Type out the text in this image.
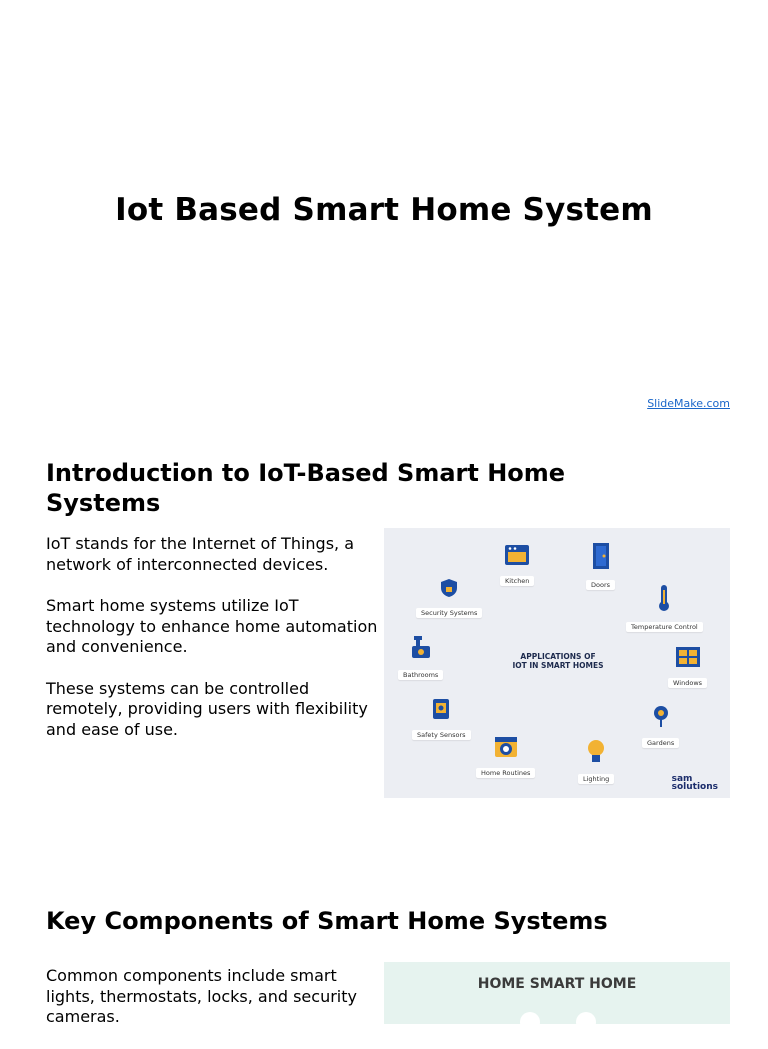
Iot Based Smart Home System
SlideMake.com
Introduction to IoT-Based Smart Home Systems

IoT stands for the Internet of Things, a network of interconnected devices.

Smart home systems utilize IoT technology to enhance home automation and convenience.

These systems can be controlled remotely, providing users with flexibility and ease of use.

Kitchen	Doors
Security Systems
Temperature Control
Bathrooms
APPLICATIONS OF
IOT IN SMART HOMES
Windows
Safety Sensors
Gardens
Home Routines
Lighting	sam
solutions
Key Components of Smart Home Systems

Common components include smart lights, thermostats, locks, and security cameras.

HOME SMART HOME
